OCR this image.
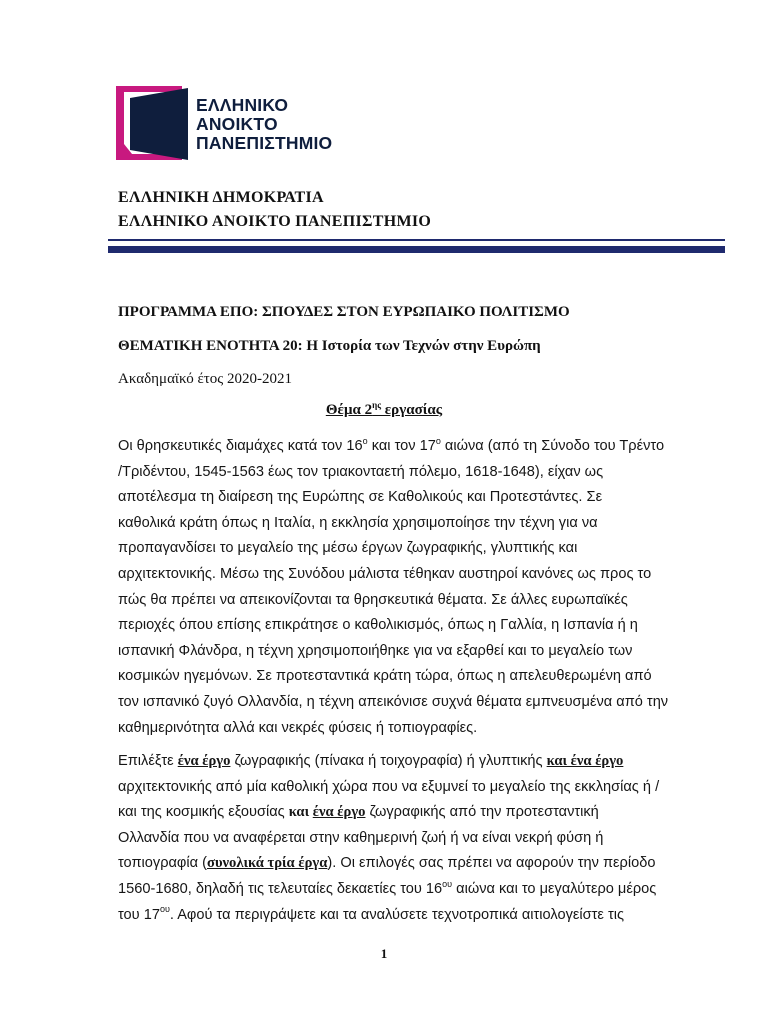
ΕΛΛΗΝΙΚΟ
ΑΝΟΙΚΤΟ
ΠΑΝΕΠΙΣΤΗΜΙΟ
ΕΛΛΗΝΙΚΗ ΔΗΜΟΚΡΑΤΙΑ
ΕΛΛΗΝΙΚΟ ΑΝΟΙΚΤΟ ΠΑΝΕΠΙΣΤΗΜΙΟ
ΠΡΟΓΡΑΜΜΑ ΕΠΟ: ΣΠΟΥΔΕΣ ΣΤΟΝ ΕΥΡΩΠΑΙΚΟ ΠΟΛΙΤΙΣΜΟ
ΘΕΜΑΤΙΚΗ ΕΝΟΤΗΤΑ 20: Η Ιστορία των Τεχνών στην Ευρώπη
Ακαδημαϊκό έτος 2020-2021
Θέμα $2^{\eta\varsigma}$ εργασίας
Οι θρησκευτικές διαμάχες κατά τον $16^o$ και τον $17^o$ αιώνα (από τη Σύνοδο του Τρέντο
/Τριδέντου, 1545-1563 έως τον τριακονταετή πόλεμο, 1618-1648), είχαν ως
αποτέλεσμα τη διαίρεση της Ευρώπης σε Καθολικούς και Προτεστάντες. Σε
καθολικά κράτη όπως η Ιταλία, η εκκλησία χρησιμοποίησε την τέχνη για να
προπαγανδίσει το μεγαλείο της μέσω έργων ζωγραφικής, γλυπτικής και
αρχιτεκτονικής. Μέσω της Συνόδου μάλιστα τέθηκαν αυστηροί κανόνες ως προς το
πώς θα πρέπει να απεικονίζονται τα θρησκευτικά θέματα. Σε άλλες ευρωπαϊκές
περιοχές όπου επίσης επικράτησε ο καθολικισμός, όπως η Γαλλία, η Ισπανία ή η
ισπανική Φλάνδρα, η τέχνη χρησιμοποιήθηκε για να εξαρθεί και το μεγαλείο των
κοσμικών ηγεμόνων. Σε προτεσταντικά κράτη τώρα, όπως η απελευθερωμένη από
τον ισπανικό ζυγό Ολλανδία, η τέχνη απεικόνισε συχνά θέματα εμπνευσμένα από την
καθημερινότητα αλλά και νεκρές φύσεις ή τοπιογραφίες.
Επιλέξτε ένα έργο ζωγραφικής (πίνακα ή τοιχογραφία) ή γλυπτικής και ένα έργο
αρχιτεκτονικής από μία καθολική χώρα που να εξυμνεί το μεγαλείο της εκκλησίας ή /
και της κοσμικής εξουσίας και ένα έργο ζωγραφικής από την προτεσταντική
Ολλανδία που να αναφέρεται στην καθημερινή ζωή ή να είναι νεκρή φύση ή
τοπιογραφία (συνολικά τρία έργα). Οι επιλογές σας πρέπει να αφορούν την περίοδο
1560-1680, δηλαδή τις τελευταίες δεκαετίες του $16^{o\upsilon}$ αιώνα και το μεγαλύτερο μέρος
του $17^{o\upsilon}$. Αφού τα περιγράψετε και τα αναλύσετε τεχνοτροπικά αιτιολογείστε τις
1
